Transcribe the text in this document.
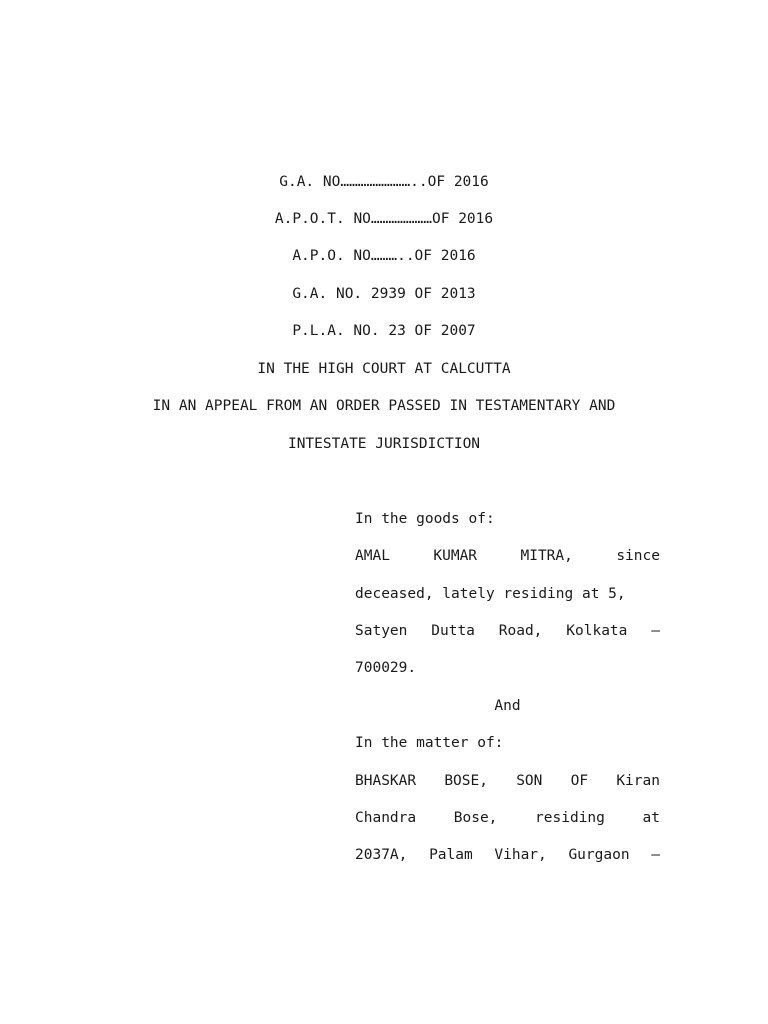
G.A. NO……………………..OF 2016
A.P.O.T. NO…………………OF 2016
A.P.O. NO………..OF 2016
G.A. NO. 2939 OF 2013
P.L.A. NO. 23 OF 2007
IN THE HIGH COURT AT CALCUTTA
IN AN APPEAL FROM AN ORDER PASSED IN TESTAMENTARY AND
INTESTATE JURISDICTION
In the goods of:
AMAL	KUMAR	MITRA,	since
deceased, lately residing at 5,
Satyen Dutta Road, Kolkata –
700029.
And
In the matter of:
BHASKAR BOSE, SON OF Kiran
Chandra	Bose,	residing	at
2037A, Palam Vihar, Gurgaon –
